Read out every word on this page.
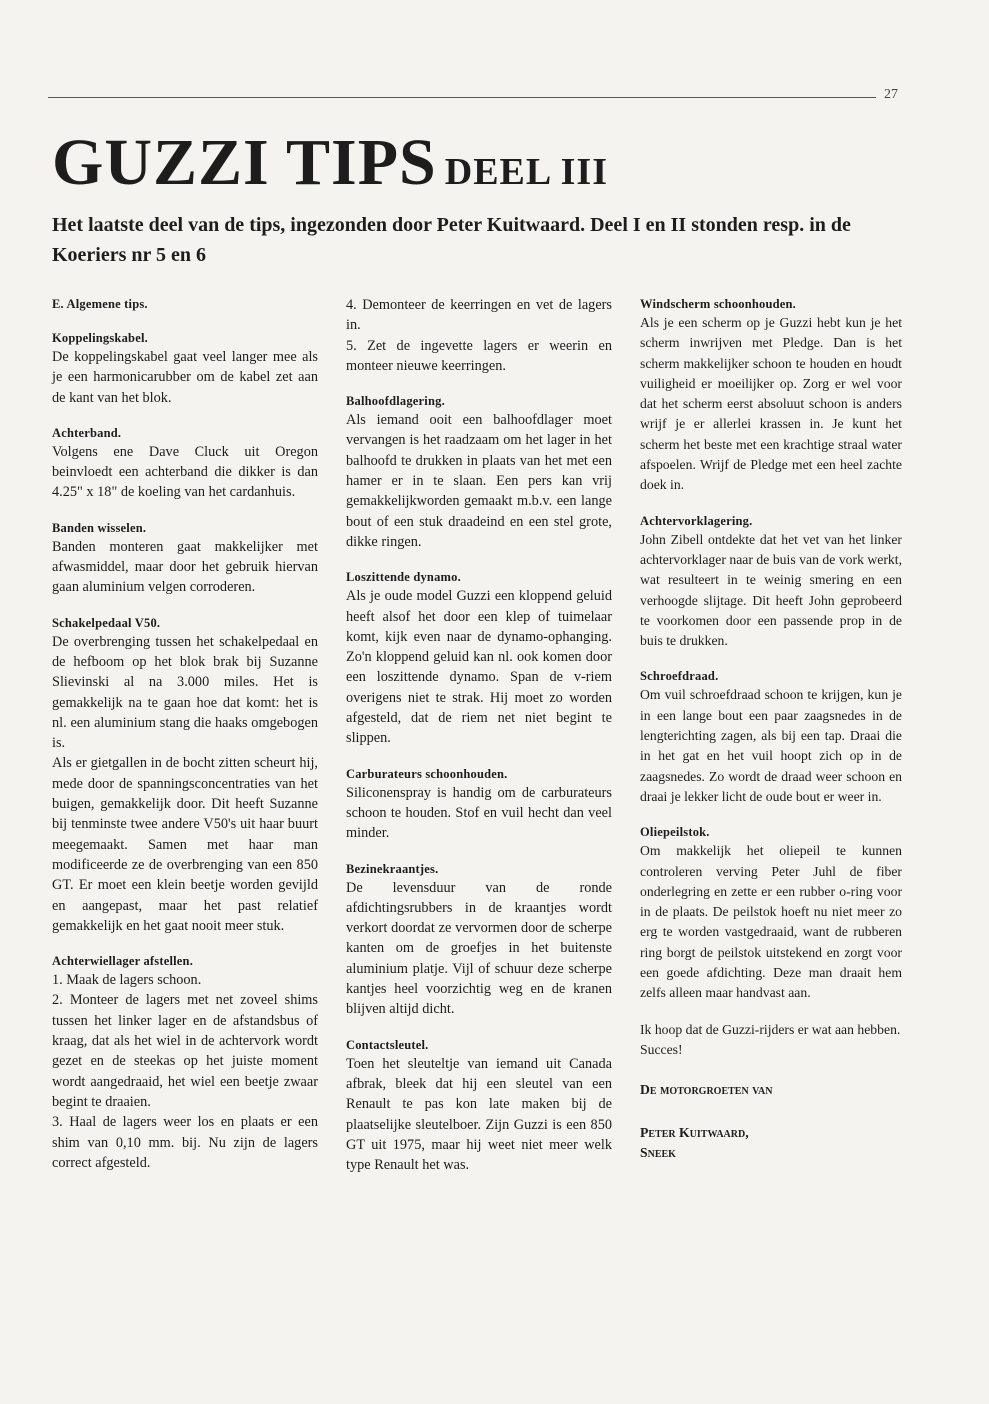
27
GUZZI TIPS DEEL III

Het laatste deel van de tips, ingezonden door Peter Kuitwaard. Deel I en II stonden resp. in de Koeriers nr 5 en 6

E. Algemene tips.
Koppelingskabel.

De koppelingskabel gaat veel langer mee als je een harmonicarubber om de kabel zet aan de kant van het blok.

Achterband.

Volgens ene Dave Cluck uit Oregon beinvloedt een achterband die dikker is dan 4.25" x 18" de koeling van het cardanhuis.

Banden wisselen.

Banden monteren gaat makkelijker met afwasmiddel, maar door het gebruik hiervan gaan aluminium velgen corroderen.

Schakelpedaal V50.

De overbrenging tussen het schakelpedaal en de hefboom op het blok brak bij Suzanne Slievinski al na 3.000 miles. Het is gemakkelijk na te gaan hoe dat komt: het is nl. een aluminium stang die haaks omgebogen is.

Als er gietgallen in de bocht zitten scheurt hij, mede door de spanningsconcentraties van het buigen, gemakkelijk door. Dit heeft Suzanne bij tenminste twee andere V50's uit haar buurt meegemaakt. Samen met haar man modificeerde ze de overbrenging van een 850 GT. Er moet een klein beetje worden gevijld en aangepast, maar het past relatief gemakkelijk en het gaat nooit meer stuk.

Achterwiellager afstellen.

1. Maak de lagers schoon.

2. Monteer de lagers met net zoveel shims tussen het linker lager en de afstandsbus of kraag, dat als het wiel in de achtervork wordt gezet en de steekas op het juiste moment wordt aangedraaid, het wiel een beetje zwaar begint te draaien.

3. Haal de lagers weer los en plaats er een shim van 0,10 mm. bij. Nu zijn de lagers correct afgesteld.

4. Demonteer de keerringen en vet de lagers in.

5. Zet de ingevette lagers er weerin en monteer nieuwe keerringen.

Balhoofdlagering.

Als iemand ooit een balhoofdlager moet vervangen is het raadzaam om het lager in het balhoofd te drukken in plaats van het met een hamer er in te slaan. Een pers kan vrij gemakkelijkworden gemaakt m.b.v. een lange bout of een stuk draadeind en een stel grote, dikke ringen.

Loszittende dynamo.

Als je oude model Guzzi een kloppend geluid heeft alsof het door een klep of tuimelaar komt, kijk even naar de dynamo-ophanging. Zo'n kloppend geluid kan nl. ook komen door een loszittende dynamo. Span de v-riem overigens niet te strak. Hij moet zo worden afgesteld, dat de riem net niet begint te slippen.

Carburateurs schoonhouden.

Siliconenspray is handig om de carburateurs schoon te houden. Stof en vuil hecht dan veel minder.

Bezinekraantjes.

De levensduur van de ronde afdichtingsrubbers in de kraantjes wordt verkort doordat ze vervormen door de scherpe kanten om de groefjes in het buitenste aluminium platje. Vijl of schuur deze scherpe kantjes heel voorzichtig weg en de kranen blijven altijd dicht.

Contactsleutel.

Toen het sleuteltje van iemand uit Canada afbrak, bleek dat hij een sleutel van een Renault te pas kon late maken bij de plaatselijke sleutelboer. Zijn Guzzi is een 850 GT uit 1975, maar hij weet niet meer welk type Renault het was.

Windscherm schoonhouden.

Als je een scherm op je Guzzi hebt kun je het scherm inwrijven met Pledge. Dan is het scherm makkelijker schoon te houden en houdt vuiligheid er moeilijker op. Zorg er wel voor dat het scherm eerst absoluut schoon is anders wrijf je er allerlei krassen in. Je kunt het scherm het beste met een krachtige straal water afspoelen. Wrijf de Pledge met een heel zachte doek in.

Achtervorklagering.

John Zibell ontdekte dat het vet van het linker achtervorklager naar de buis van de vork werkt, wat resulteert in te weinig smering en een verhoogde slijtage. Dit heeft John geprobeerd te voorkomen door een passende prop in de buis te drukken.

Schroefdraad.

Om vuil schroefdraad schoon te krijgen, kun je in een lange bout een paar zaagsnedes in de lengterichting zagen, als bij een tap. Draai die in het gat en het vuil hoopt zich op in de zaagsnedes. Zo wordt de draad weer schoon en draai je lekker licht de oude bout er weer in.

Oliepeilstok.

Om makkelijk het oliepeil te kunnen controleren verving Peter Juhl de fiber onderlegring en zette er een rubber o-ring voor in de plaats. De peilstok hoeft nu niet meer zo erg te worden vastgedraaid, want de rubberen ring borgt de peilstok uitstekend en zorgt voor een goede afdichting. Deze man draait hem zelfs alleen maar handvast aan.

Ik hoop dat de Guzzi-rijders er wat aan hebben.

Succes!

De motorgroeten van

Peter Kuitwaard,

Sneek
